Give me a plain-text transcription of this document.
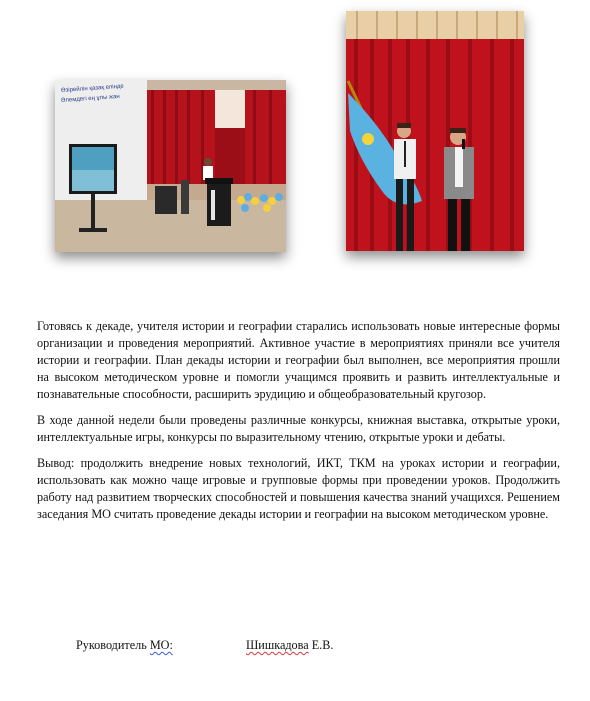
Өзірейлін қазақ елінде
Әлемдегі ең ұлы жан

Готовясь к декаде, учителя истории и географии старались использовать новые интересные формы организации и проведения мероприятий. Активное участие в мероприятиях приняли все учителя истории и географии. План декады истории и географии был выполнен, все мероприятия прошли на высоком методическом уровне и помогли учащимся проявить и развить интеллектуальные и познавательные способности, расширить эрудицию и общеобразовательный кругозор.

В ходе данной недели были проведены различные конкурсы, книжная выставка, открытые уроки, интеллектуальные игры, конкурсы по выразительному чтению, открытые уроки и дебаты.

Вывод: продолжить внедрение новых технологий, ИКТ, ТКМ на уроках истории и географии, использовать как можно чаще игровые и групповые формы при проведении уроков. Продолжить работу над развитием творческих способностей и повышения качества знаний учащихся. Решением заседания МО считать проведение декады истории и географии на высоком методическом уровне.

Руководитель МО:	Шишкадова Е.В.
